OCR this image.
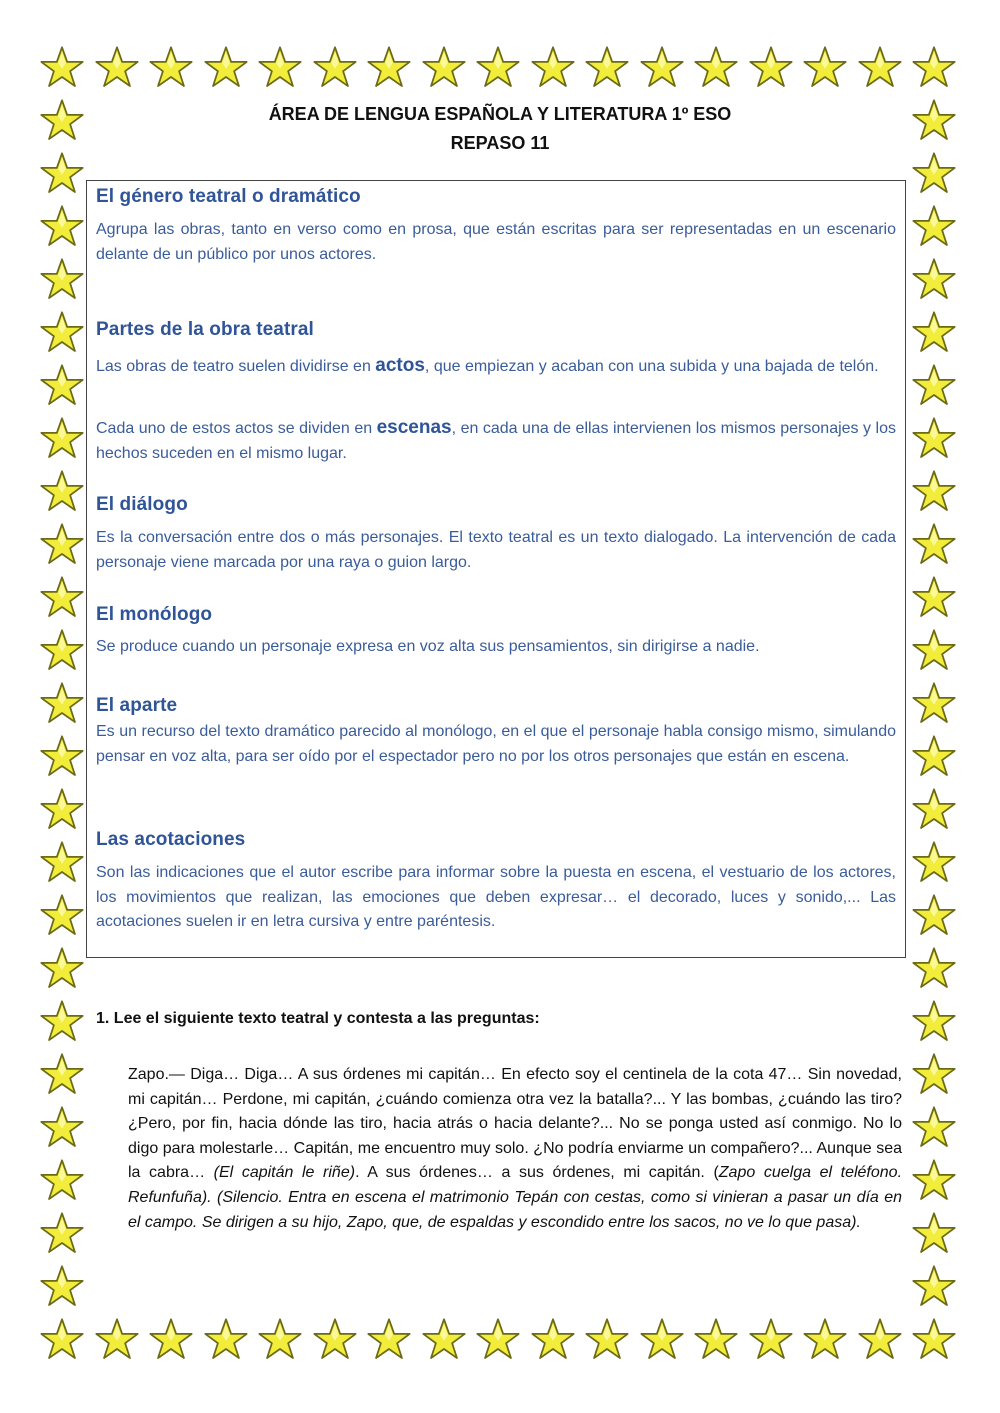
ÁREA DE LENGUA ESPAÑOLA Y LITERATURA 1º ESO
REPASO 11
El género teatral o dramático
Agrupa las obras, tanto en verso como en prosa, que están escritas para ser representadas en un escenario delante de un público por unos actores.
Partes de la obra teatral
Las obras de teatro suelen dividirse en actos, que empiezan y acaban con una subida y una bajada de telón.
Cada uno de estos actos se dividen en escenas, en cada una de ellas intervienen los mismos personajes y los hechos suceden en el mismo lugar.
El diálogo
Es la conversación entre dos o más personajes. El texto teatral es un texto dialogado. La intervención de cada personaje viene marcada por una raya o guion largo.
El monólogo
Se produce cuando un personaje expresa en voz alta sus pensamientos, sin dirigirse a nadie.
El aparte
Es un recurso del texto dramático parecido al monólogo, en el que el personaje habla consigo mismo, simulando pensar en voz alta, para ser oído por el espectador pero no por los otros personajes que están en escena.
Las acotaciones
Son las indicaciones que el autor escribe para informar sobre la puesta en escena, el vestuario de los actores, los movimientos que realizan, las emociones que deben expresar… el decorado, luces y sonido,... Las acotaciones suelen ir en letra cursiva y entre paréntesis.
1. Lee el siguiente texto teatral y contesta a las preguntas:
Zapo.— Diga… Diga… A sus órdenes mi capitán… En efecto soy el centinela de la cota 47… Sin novedad, mi capitán… Perdone, mi capitán, ¿cuándo comienza otra vez la batalla?... Y las bombas, ¿cuándo las tiro? ¿Pero, por fin, hacia dónde las tiro, hacia atrás o hacia delante?... No se ponga usted así conmigo. No lo digo para molestarle… Capitán, me encuentro muy solo. ¿No podría enviarme un compañero?... Aunque sea la cabra… (El capitán le riñe). A sus órdenes… a sus órdenes, mi capitán. (Zapo cuelga el teléfono. Refunfuña). (Silencio. Entra en escena el matrimonio Tepán con cestas, como si vinieran a pasar un día en el campo. Se dirigen a su hijo, Zapo, que, de espaldas y escondido entre los sacos, no ve lo que pasa).
